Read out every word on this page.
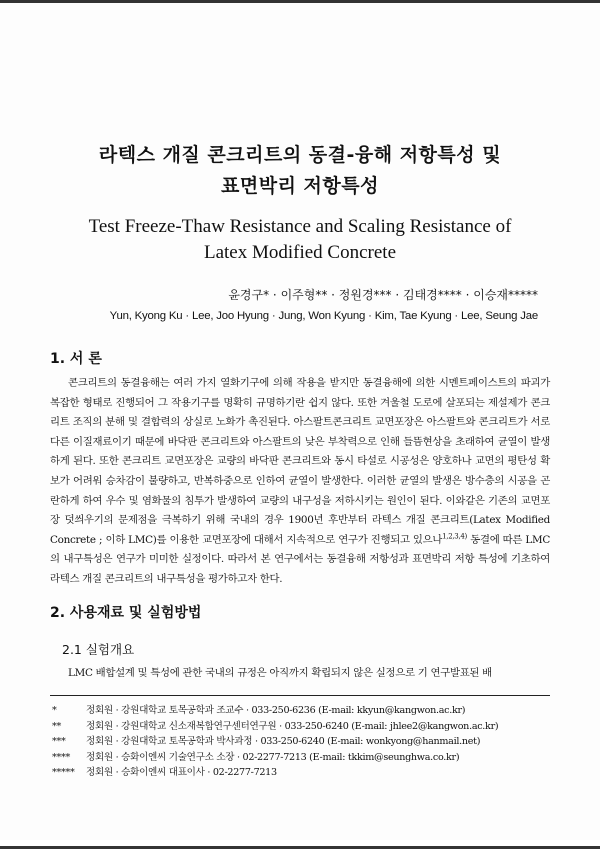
라텍스 개질 콘크리트의 동결-융해 저항특성 및
표면박리 저항특성
Test Freeze-Thaw Resistance and Scaling Resistance of
Latex Modified Concrete
윤경구* · 이주형** · 정원경*** · 김태경**** · 이승재*****
Yun, Kyong Ku · Lee, Joo Hyung · Jung, Won Kyung · Kim, Tae Kyung · Lee, Seung Jae
1. 서 론
콘크리트의 동결융해는 여러 가지 열화기구에 의해 작용을 받지만 동결융해에 의한 시멘트페이스트의 파괴가 복잡한 형태로 진행되어 그 작용기구를 명확히 규명하기란 쉽지 않다. 또한 겨울철 도로에 살포되는 제설제가 콘크리트 조직의 분해 및 결합력의 상실로 노화가 촉진된다. 아스팔트콘크리트 교면포장은 아스팔트와 콘크리트가 서로 다른 이질재료이기 때문에 바닥판 콘크리트와 아스팔트의 낮은 부착력으로 인해 들뜸현상을 초래하여 균열이 발생하게 된다. 또한 콘크리트 교면포장은 교량의 바닥판 콘크리트와 동시 타설로 시공성은 양호하나 교면의 평탄성 확보가 어려워 승차감이 불량하고, 반복하중으로 인하여 균열이 발생한다. 이러한 균열의 발생은 방수층의 시공을 곤란하게 하여 우수 및 염화물의 침투가 발생하여 교량의 내구성을 저하시키는 원인이 된다. 이와같은 기존의 교면포장 덧씌우기의 문제점을 극복하기 위해 국내의 경우 1900년 후반부터 라텍스 개질 콘크리트(Latex Modified Concrete ; 이하 LMC)를 이용한 교면포장에 대해서 지속적으로 연구가 진행되고 있으나$^{1,2,3,4)}$ 동결에 따른 LMC의 내구특성은 연구가 미미한 실정이다. 따라서 본 연구에서는 동결융해 저항성과 표면박리 저항 특성에 기초하여 라텍스 개질 콘크리트의 내구특성을 평가하고자 한다.
2. 사용재료 및 실험방법
2.1 실험개요
LMC 배합설계 및 특성에 관한 국내의 규정은 아직까지 확립되지 않은 실정으로 기 연구발표된 배
*	정회원 · 강원대학교 토목공학과 조교수 · 033-250-6236 (E-mail: kkyun@kangwon.ac.kr)
**	정회원 · 강원대학교 신소재복합연구센터연구원 · 033-250-6240 (E-mail: jhlee2@kangwon.ac.kr)
*** 정회원 · 강원대학교 토목공학과 박사과정 · 033-250-6240 (E-mail: wonkyong@hanmail.net)
**** 정회원 · 승화이엔씨 기술연구소 소장 · 02-2277-7213 (E-mail: tkkim@seunghwa.co.kr)
***** 정회원 · 승화이엔씨 대표이사 · 02-2277-7213
